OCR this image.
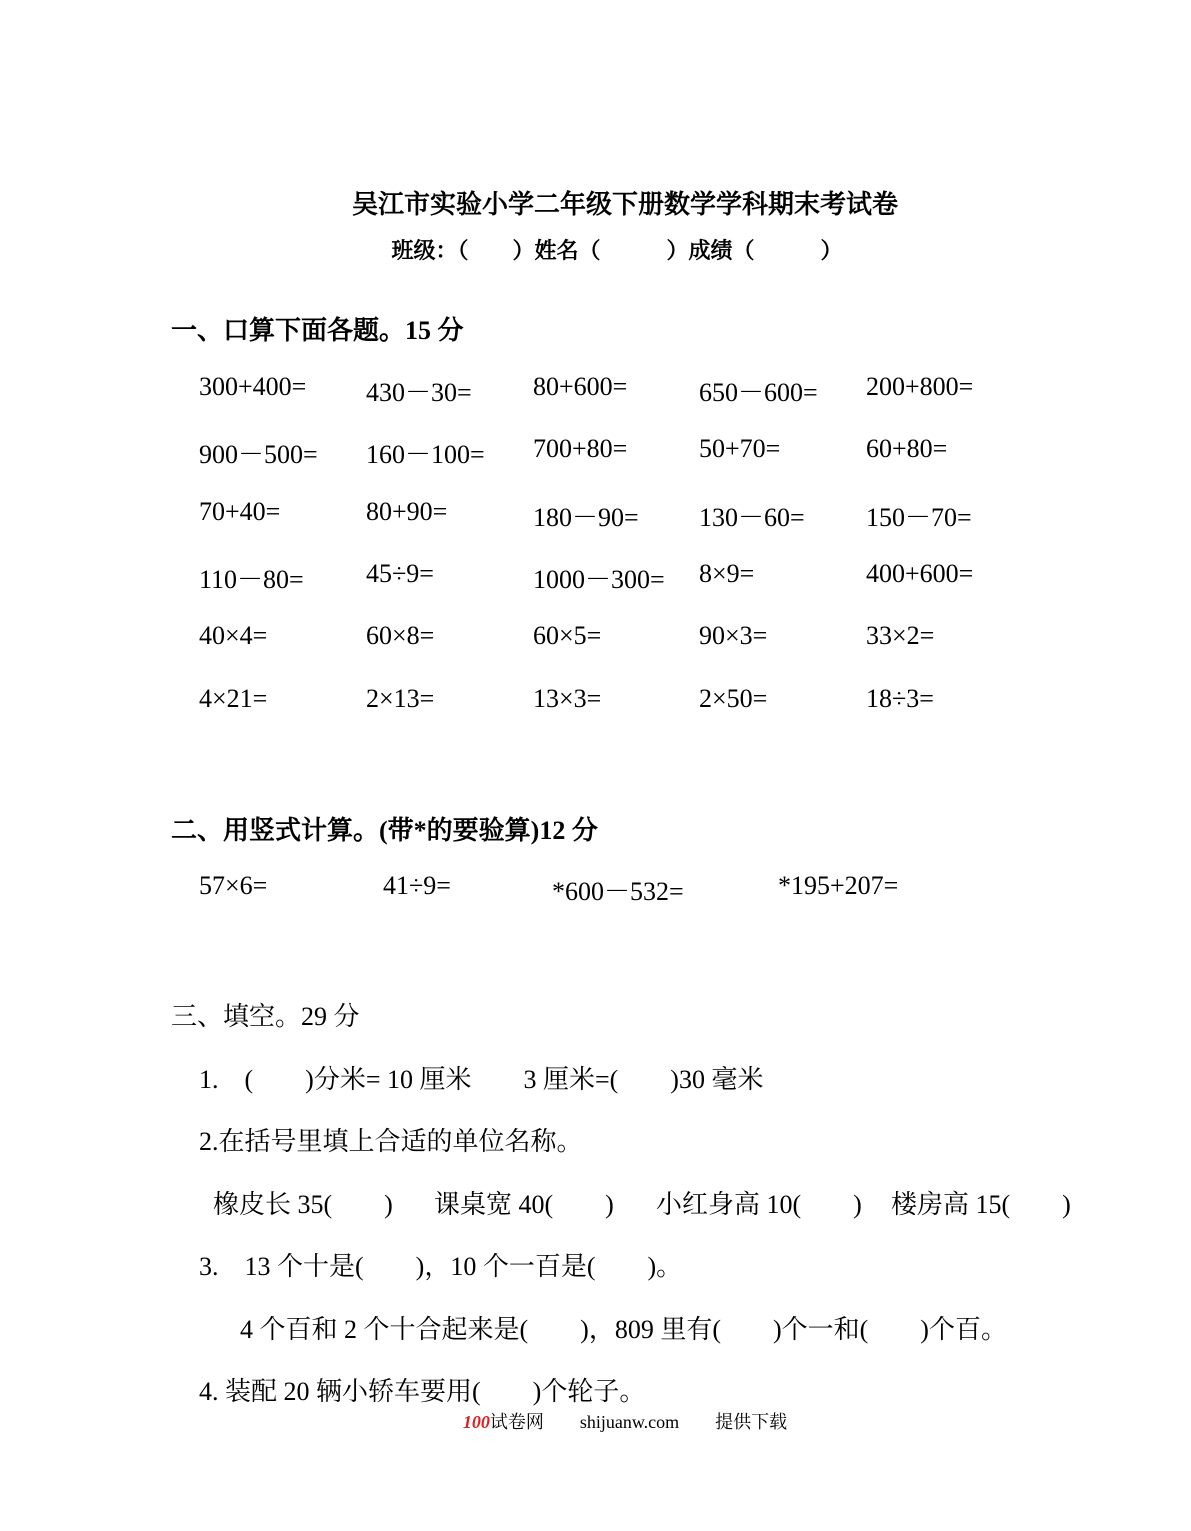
吴江市实验小学二年级下册数学学科期末考试卷
班级：（　　）姓名（　　　）成绩（　　　）
一、口算下面各题。15 分
300+400= 430－30= 80+600=	650－600= 200+800=
900－500= 160－100= 700+80=	50+70=	60+80=
70+40=	80+90=	180－90= 130－60= 150－70=
110－80= 45÷9=	1000－300= 8×9=	400+600=
40×4=	60×8=	60×5=	90×3=	33×2=
4×21=	2×13=	13×3=	2×50=	18÷3=
二、用竖式计算。(带*的要验算)12 分
57×6=	41÷9=	*600－532=	*195+207=
三、填空。29 分
1.　(　　)分米= 10 厘米　　3 厘米=(　　)30 毫米
2.在括号里填上合适的单位名称。
橡皮长 35(　　) 课桌宽 40(　　) 小红身高 10(　　) 楼房高 15(　　)
3.　13 个十是(　　)，10 个一百是(　　)。
4 个百和 2 个十合起来是(　　)，809 里有(　　)个一和(　　)个百。
4. 装配 20 辆小轿车要用(　　)个轮子。
100试卷网 shijuanw.com 提供下载
